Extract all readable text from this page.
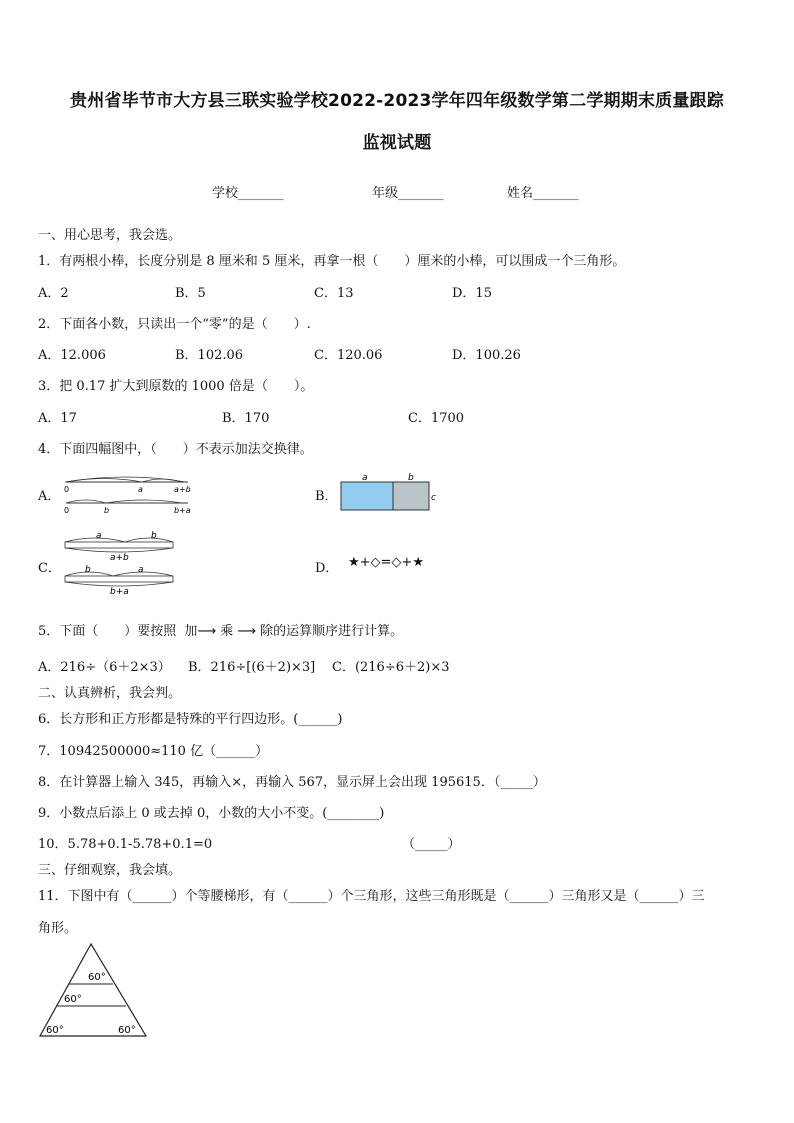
贵州省毕节市大方县三联实验学校2022-2023学年四年级数学第二学期期末质量跟踪
监视试题
学校_______	年级_______	姓名_______
一、用心思考，我会选。
1．有两根小棒，长度分别是 8 厘米和 5 厘米，再拿一根（　　）厘米的小棒，可以围成一个三角形。
A．2	B．5	C．13	D．15
2．下面各小数，只读出一个“零”的是（　　）.
A．12.006	B．102.06	C．120.06	D．100.26
3．把 0.17 扩大到原数的 1000 倍是（　　）。
A．17	B．170	C．1700
4．下面四幅图中，（　　）不表示加法交换律。
A． 0	a	a+b
0	b	b+a
B．
a	b
c
C．
a	b
a+b
b	a
b+a
D． ★+◇=◇+★
5．下面（　　）要按照 加⟶ 乘 ⟶ 除的运算顺序进行计算。
A．216÷（6＋2×3） B．216÷[(6＋2)×3] C．(216÷6＋2)×3
二、认真辨析，我会判。
6．长方形和正方形都是特殊的平行四边形。(______)
7．10942500000≈110 亿（______）
8．在计算器上输入 345，再输入×，再输入 567，显示屏上会出现 195615．（_____）
9．小数点后添上 0 或去掉 0，小数的大小不变。(________)
10．5.78+0.1-5.78+0.1=0	（_____）
三、仔细观察，我会填。
11．下图中有（______）个等腰梯形，有（______）个三角形，这些三角形既是（______）三角形又是（______）三
角形。
60°
60°
60°	60°
